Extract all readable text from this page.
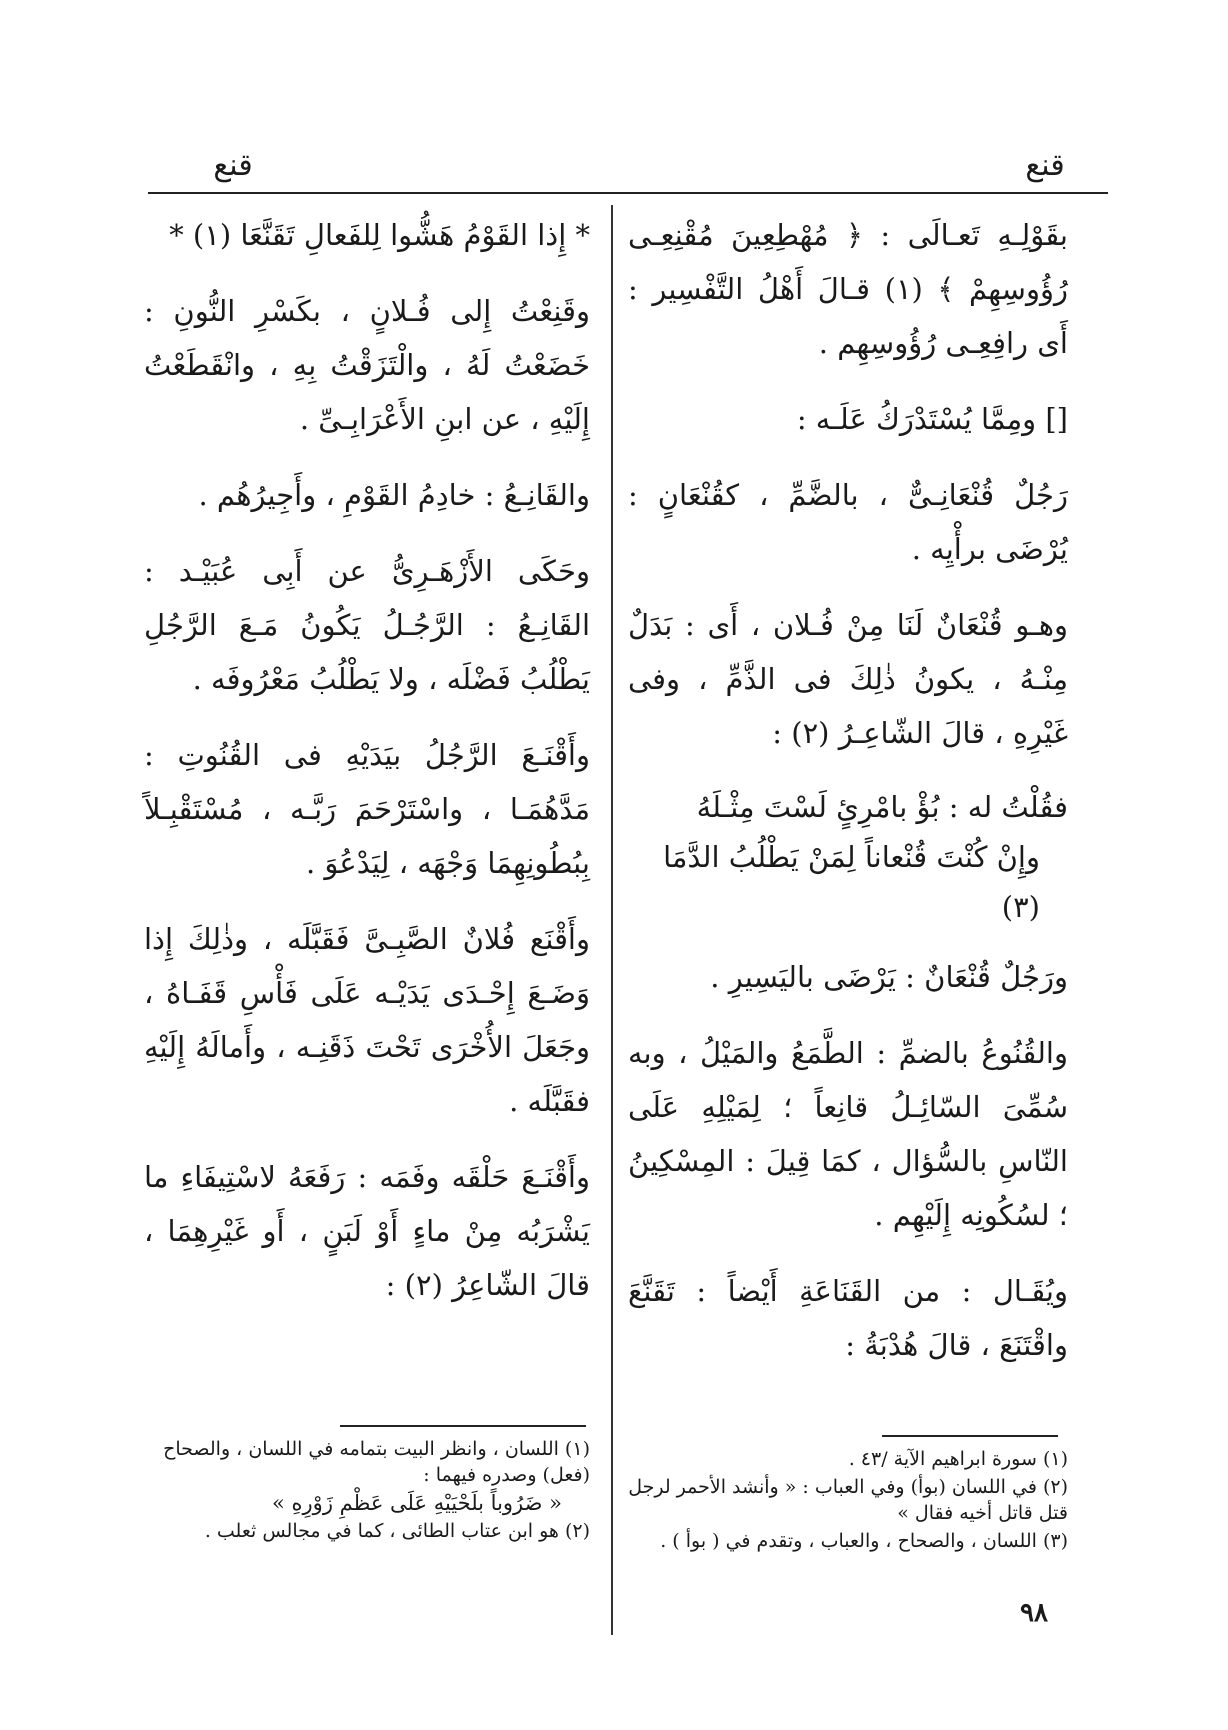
قنع
قنع

بقَوْلِـهِ تَعـالَى : ﴿ مُهْطِعِينَ مُقْنِعِـى رُؤُوسِهِمْ ﴾ (١) قـالَ أَهْلُ التَّفْسِير : أَى رافِعِـى رُؤُوسِهِم .

[] ومِمَّا يُسْتَدْرَكُ عَلَـه :

رَجُلٌ قُنْعَانِـىٌّ ، بالضَّمِّ ، كقُنْعَانٍ : يُرْضَى برأْيِه .

وهـو قُنْعَانٌ لَنَا مِنْ فُـلان ، أَى : بَدَلٌ مِنْـهُ ، يكونُ ذٰلِكَ فى الذَّمِّ ، وفى غَيْرِهِ ، قالَ الشّاعِـرُ (٢) :

فقُلْتُ له : بُؤْ بامْرِئٍ لَسْتَ مِثْـلَهُ
وإِنْ كُنْتَ قُنْعاناً لِمَنْ يَطْلُبُ الدَّمَا (٣)

ورَجُلٌ قُنْعَانٌ : يَرْضَى باليَسِيرِ .

والقُنُوعُ بالضمِّ : الطَّمَعُ والمَيْلُ ، وبه سُمِّىَ السّائِـلُ قانِعاً ؛ لِمَيْلِهِ عَلَى النّاسِ بالسُّؤال ، كمَا قِيلَ : المِسْكِينُ ؛ لسُكُونِه إِلَيْهِم .

ويُقَـال : من القَنَاعَةِ أَيْضاً : تَقَنَّعَ واقْتَنَعَ ، قالَ هُدْبَةُ :

* إِذا القَوْمُ هَشُّوا لِلفَعالِ تَقَنَّعَا (١) *

وقَنِعْتُ إِلى فُـلانٍ ، بكَسْرِ النُّونِ : خَضَعْتُ لَهُ ، والْتَزَقْتُ بِهِ ، وانْقَطَعْتُ إِلَيْهِ ، عن ابنِ الأَعْرَابِـىِّ .

والقَانِـعُ : خادِمُ القَوْمِ ، وأَجِيرُهُم .

وحَكَى الأَزْهَـرِىُّ عن أَبِى عُبَيْـد : القَانِـعُ : الرَّجُـلُ يَكُونُ مَـعَ الرَّجُلِ يَطْلُبُ فَضْلَه ، ولا يَطْلُبُ مَعْرُوفَه .

وأَقْنَـعَ الرَّجُلُ بيَدَيْهِ فى القُنُوتِ : مَدَّهُمَـا ، واسْتَرْحَمَ رَبَّـه ، مُسْتَقْبِـلاً بِبُطُونِهِمَا وَجْهَه ، لِيَدْعُوَ .

وأَقْنَع فُلانٌ الصَّبِـىَّ فَقَبَّلَه ، وذٰلِكَ إِذا وَضَـعَ إِحْـدَى يَدَيْـه عَلَى فَأْسِ قَفَـاهُ ، وجَعَلَ الأُخْرَى تَحْتَ ذَقَنِـه ، وأَمالَهُ إِلَيْهِ فقَبَّلَه .

وأَقْنَـعَ حَلْقَه وفَمَه : رَفَعَهُ لاسْتِيفَاءِ ما يَشْرَبُه مِنْ ماءٍ أَوْ لَبَنٍ ، أَو غَيْرِهِمَا ، قالَ الشّاعِرُ (٢) :

(١) سورة ابراهيم الآية /٤٣ .

(٢) في اللسان (بوأ) وفي العباب : « وأنشد الأحمر لرجل قتل قاتل أخيه فقال »

(٣) اللسان ، والصحاح ، والعباب ، وتقدم في ( بوأ ) .

(١) اللسان ، وانظر البيت بتمامه في اللسان ، والصحاح (فعل) وصدره فيهما :

« ضَرُوباً بلَحْيَيْهِ عَلَى عَظْمِ زَوْرِهِ »

(٢) هو ابن عتاب الطائى ، كما في مجالس ثعلب .

٩٨
